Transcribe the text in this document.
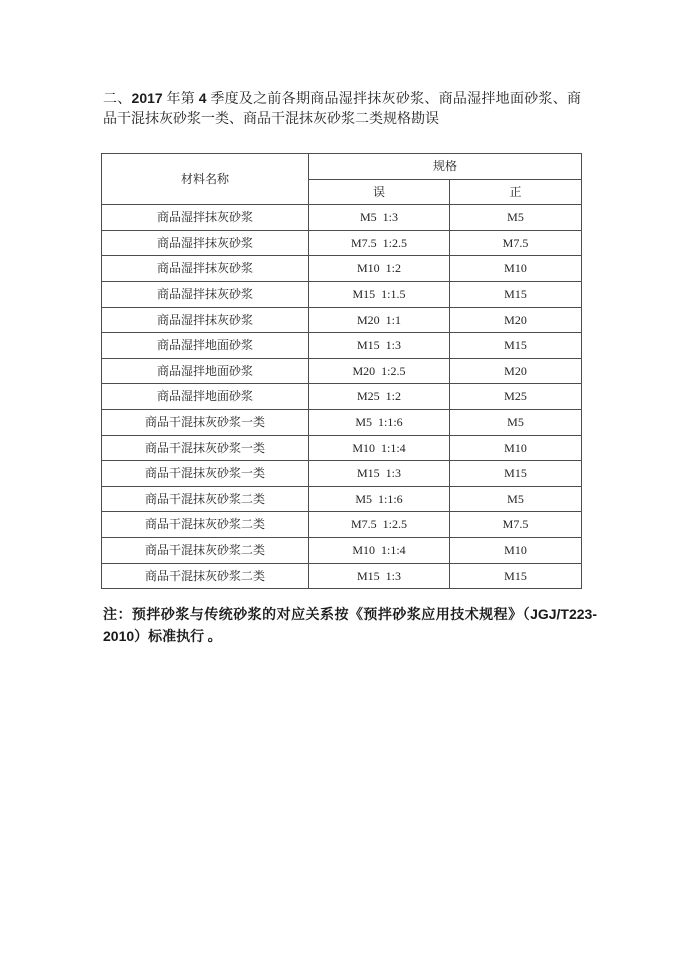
二、2017 年第 4 季度及之前各期商品湿拌抹灰砂浆、商品湿拌地面砂浆、商品干混抹灰砂浆一类、商品干混抹灰砂浆二类规格勘误

材料名称	规格	
	误	正
商品湿拌抹灰砂浆	M5  1:3	M5
商品湿拌抹灰砂浆	M7.5  1:2.5	M7.5
商品湿拌抹灰砂浆	M10  1:2	M10
商品湿拌抹灰砂浆	M15  1:1.5	M15
商品湿拌抹灰砂浆	M20  1:1	M20
商品湿拌地面砂浆	M15  1:3	M15
商品湿拌地面砂浆	M20  1:2.5	M20
商品湿拌地面砂浆	M25  1:2	M25
商品干混抹灰砂浆一类	M5  1:1:6	M5
商品干混抹灰砂浆一类	M10  1:1:4	M10
商品干混抹灰砂浆一类	M15  1:3	M15
商品干混抹灰砂浆二类	M5  1:1:6	M5
商品干混抹灰砂浆二类	M7.5  1:2.5	M7.5
商品干混抹灰砂浆二类	M10  1:1:4	M10
商品干混抹灰砂浆二类	M15  1:3	M15

注：预拌砂浆与传统砂浆的对应关系按《预拌砂浆应用技术规程》（JGJ/T223-2010）标准执行 。
